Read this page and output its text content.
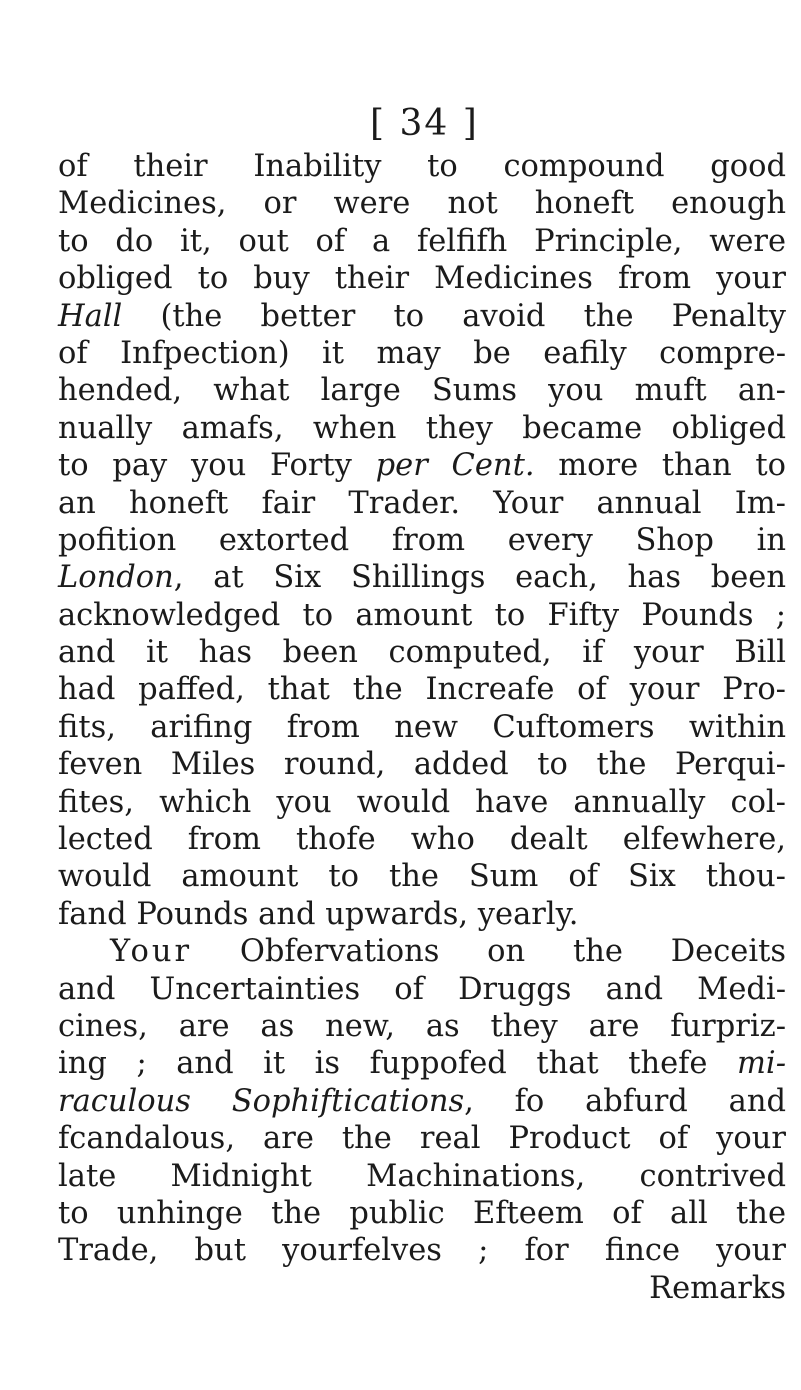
[ 34 ]
of their Inability to compound good
Medicines, or were not honeft enough
to do it, out of a felfifh Principle, were
obliged to buy their Medicines from your
Hall (the better to avoid the Penalty
of Infpection) it may be eafily compre-
hended, what large Sums you muft an-
nually amafs, when they became obliged
to pay you Forty per Cent. more than to
an honeft fair Trader. Your annual Im-
pofition extorted from every Shop in
London, at Six Shillings each, has been
acknowledged to amount to Fifty Pounds ;
and it has been computed, if your Bill
had paffed, that the Increafe of your Pro-
fits, arifing from new Cuftomers within
feven Miles round, added to the Perqui-
fites, which you would have annually col-
lected from thofe who dealt elfewhere,
would amount to the Sum of Six thou-
fand Pounds and upwards, yearly.
Your Obfervations on the Deceits
and Uncertainties of Druggs and Medi-
cines, are as new, as they are furpriz-
ing ; and it is fuppofed that thefe mi-
raculous Sophiftications, fo abfurd and
fcandalous, are the real Product of your
late Midnight Machinations, contrived
to unhinge the public Efteem of all the
Trade, but yourfelves ; for fince your
Remarks
